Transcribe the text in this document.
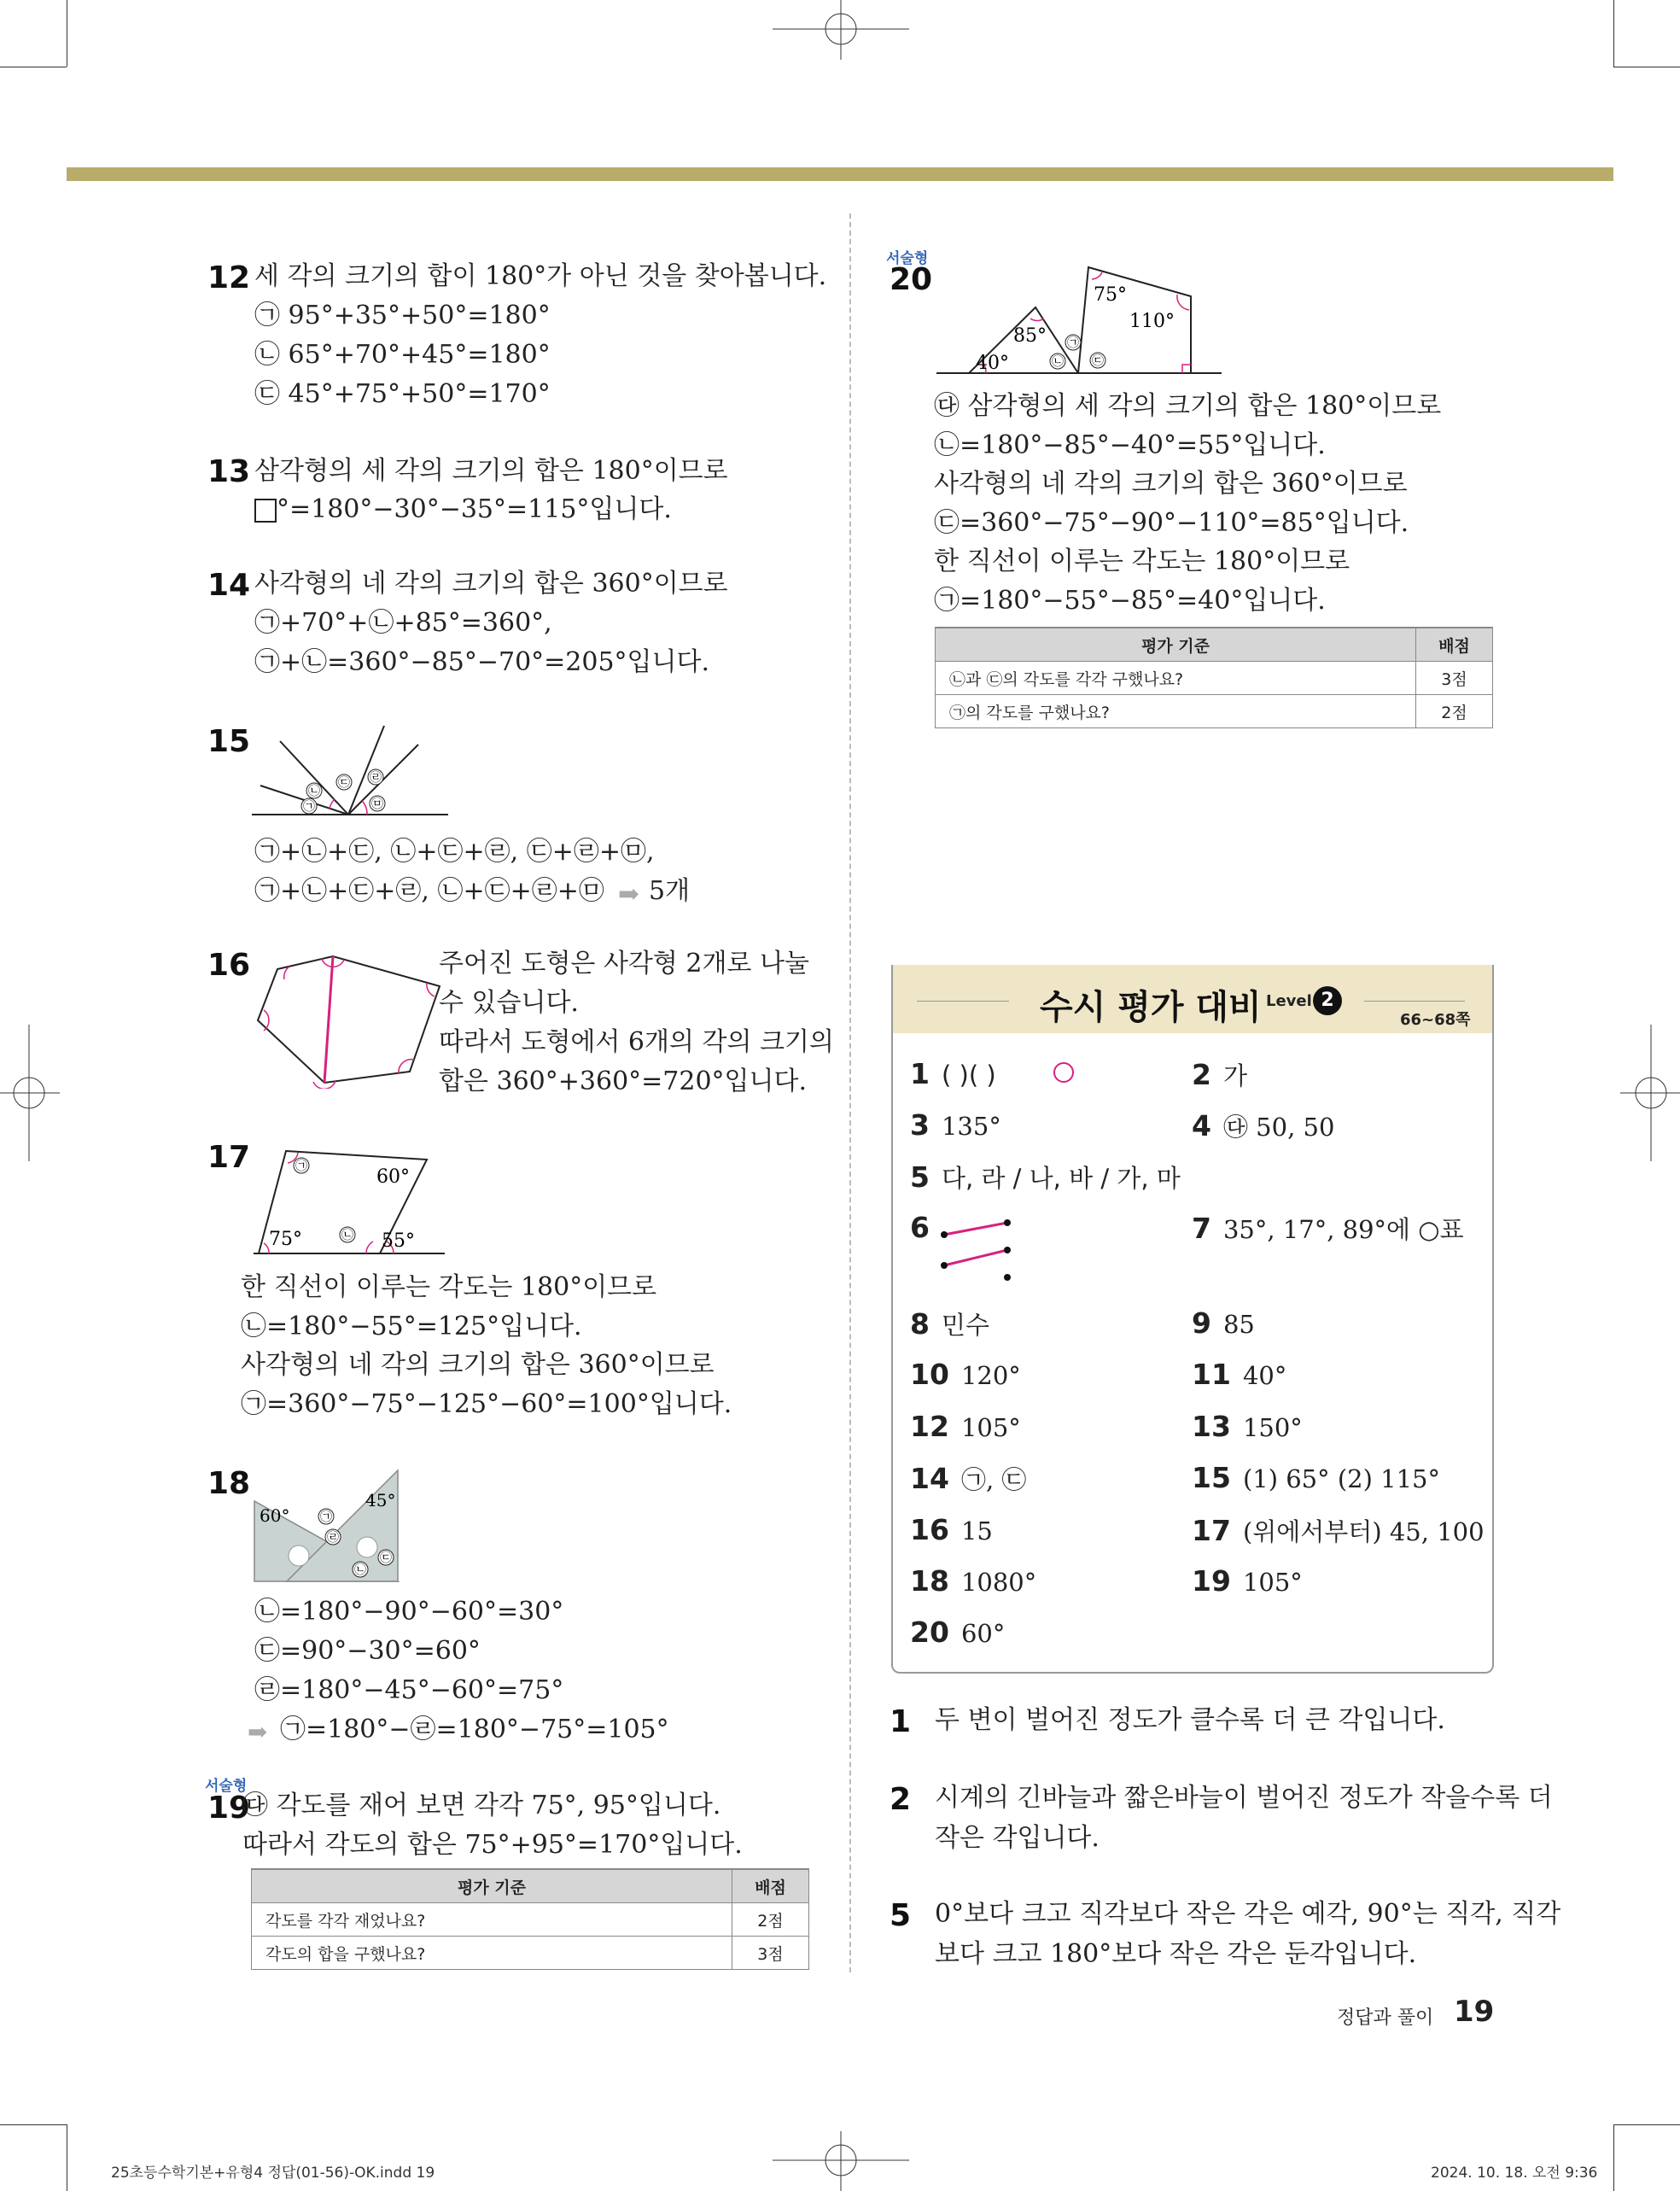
12 세 각의 크기의 합이 180°가 아닌 것을 찾아봅니다.
㉠ 95°+35°+50°=180°
㉡ 65°+70°+45°=180°
㉢ 45°+75°+50°=170°
13 삼각형의 세 각의 크기의 합은 180°이므로
°=180°−30°−35°=115°입니다.
14 사각형의 네 각의 크기의 합은 360°이므로
㉠+70°+㉡+85°=360°,
㉠+㉡=360°−85°−70°=205°입니다.
15
㉠
㉡
㉢ ㉣
㉤
㉠+㉡+㉢, ㉡+㉢+㉣, ㉢+㉣+㉤,
㉠+㉡+㉢+㉣, ㉡+㉢+㉣+㉤ ➡ 5개
16	주어진 도형은 사각형 2개로 나눌
수 있습니다.
따라서 도형에서 6개의 각의 크기의
합은 360°+360°=720°입니다.
17	㉠	60°
75°	㉡ 55°
한 직선이 이루는 각도는 180°이므로
㉡=180°−55°=125°입니다.
사각형의 네 각의 크기의 합은 360°이므로
㉠=360°−75°−125°−60°=100°입니다.
18
60°
45°
㉠
㉡
㉢
㉣
㉡=180°−90°−60°=30°
㉢=90°−30°=60°
㉣=180°−45°−60°=75°
➡ ㉠=180°−㉣=180°−75°=105°
서술형
19
㉰ 각도를 재어 보면 각각 75°, 95°입니다.
따라서 각도의 합은 75°+95°=170°입니다.
평가 기준	배점
각도를 각각 재었나요?	2점
각도의 합을 구했나요?	3점
서술형
20	75°
110°
85°
40°
㉠
㉡ ㉢
㉰ 삼각형의 세 각의 크기의 합은 180°이므로
㉡=180°−85°−40°=55°입니다.
사각형의 네 각의 크기의 합은 360°이므로
㉢=360°−75°−90°−110°=85°입니다.
한 직선이 이루는 각도는 180°이므로
㉠=180°−55°−85°=40°입니다.
평가 기준	배점
㉡과 ㉢의 각도를 각각 구했나요?	3점
㉠의 각도를 구했나요?	2점
수시 평가 대비 Level 2
66~68쪽
1 ( )( )	2 가
3 135°	4 ㉰ 50, 50
5 다, 라 / 나, 바 / 가, 마
6	7 35°, 17°, 89°에 ○표
8 민수	9 85
10 120°	11 40°
12 105°	13 150°
14 ㉠, ㉢	15 (1) 65° (2) 115°
16 15	17 (위에서부터) 45, 100
18 1080°	19 105°
20 60°
1 두 변이 벌어진 정도가 클수록 더 큰 각입니다.
2 시계의 긴바늘과 짧은바늘이 벌어진 정도가 작을수록 더
작은 각입니다.
5 0°보다 크고 직각보다 작은 각은 예각, 90°는 직각, 직각
보다 크고 180°보다 작은 각은 둔각입니다.
정답과 풀이 19
25초등수학기본+유형4 정답(01-56)-OK.indd 19	2024. 10. 18. 오전 9:36
